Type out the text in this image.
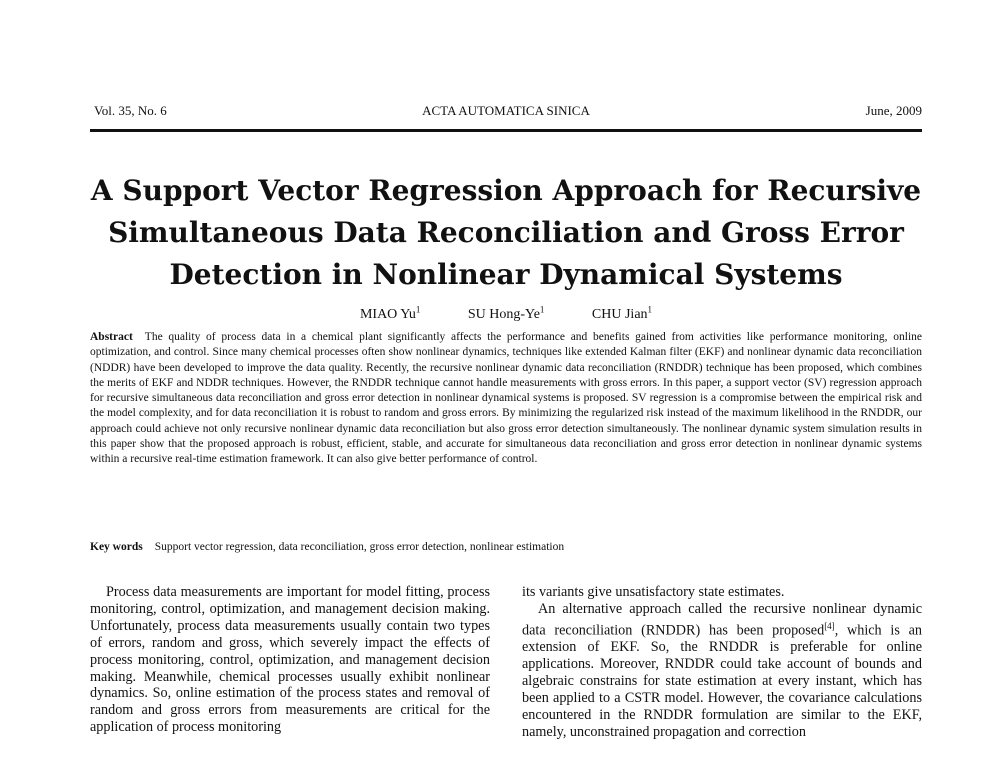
Vol. 35, No. 6	ACTA AUTOMATICA SINICA	June, 2009
A Support Vector Regression Approach for Recursive
Simultaneous Data Reconciliation and Gross Error
Detection in Nonlinear Dynamical Systems
MIAO Yu$^1$	SU Hong-Ye$^1$	CHU Jian$^1$

Abstract The quality of process data in a chemical plant significantly affects the performance and benefits gained from activities like performance monitoring, online optimization, and control. Since many chemical processes often show nonlinear dynamics, techniques like extended Kalman filter (EKF) and nonlinear dynamic data reconciliation (NDDR) have been developed to improve the data quality. Recently, the recursive nonlinear dynamic data reconciliation (RNDDR) technique has been proposed, which combines the merits of EKF and NDDR techniques. However, the RNDDR technique cannot handle measurements with gross errors. In this paper, a support vector (SV) regression approach for recursive simultaneous data reconciliation and gross error detection in nonlinear dynamical systems is proposed. SV regression is a compromise between the empirical risk and the model complexity, and for data reconciliation it is robust to random and gross errors. By minimizing the regularized risk instead of the maximum likelihood in the RNDDR, our approach could achieve not only recursive nonlinear dynamic data reconciliation but also gross error detection simultaneously. The nonlinear dynamic system simulation results in this paper show that the proposed approach is robust, efficient, stable, and accurate for simultaneous data reconciliation and gross error detection in nonlinear dynamic systems within a recursive real-time estimation framework. It can also give better performance of control.

Key words Support vector regression, data reconciliation, gross error detection, nonlinear estimation

Process data measurements are important for model fitting, process monitoring, control, optimization, and management decision making. Unfortunately, process data measurements usually contain two types of errors, random and gross, which severely impact the effects of process monitoring, control, optimization, and management decision making. Meanwhile, chemical processes usually exhibit nonlinear dynamics. So, online estimation of the process states and removal of random and gross errors from measurements are critical for the application of process monitoring

its variants give unsatisfactory state estimates.

An alternative approach called the recursive nonlinear dynamic data reconciliation (RNDDR) has been proposed[4], which is an extension of EKF. So, the RNDDR is preferable for online applications. Moreover, RNDDR could take account of bounds and algebraic constrains for state estimation at every instant, which has been applied to a CSTR model. However, the covariance calculations encountered in the RNDDR formulation are similar to the EKF, namely, unconstrained propagation and correction
